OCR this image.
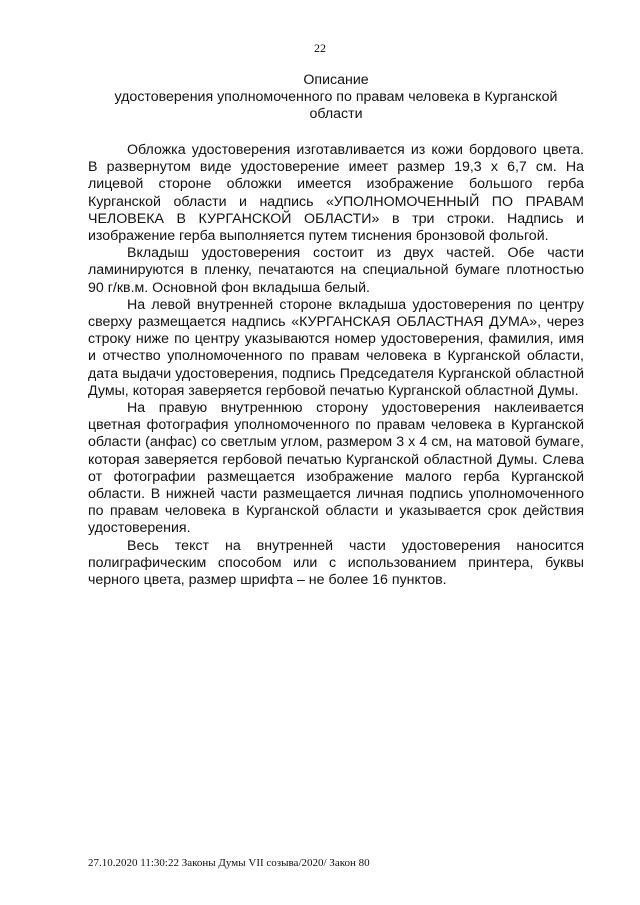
22
Описание
удостоверения уполномоченного по правам человека в Курганской
области

Обложка удостоверения изготавливается из кожи бордового цвета. В развернутом виде удостоверение имеет размер 19,3 х 6,7 см. На лицевой стороне обложки имеется изображение большого герба Курганской области и надпись «УПОЛНОМОЧЕННЫЙ ПО ПРАВАМ ЧЕЛОВЕКА В КУРГАНСКОЙ ОБЛАСТИ» в три строки. Надпись и изображение герба выполняется путем тиснения бронзовой фольгой.

Вкладыш удостоверения состоит из двух частей. Обе части ламинируются в пленку, печатаются на специальной бумаге плотностью 90 г/кв.м. Основной фон вкладыша белый.

На левой внутренней стороне вкладыша удостоверения по центру сверху размещается надпись «КУРГАНСКАЯ ОБЛАСТНАЯ ДУМА», через строку ниже по центру указываются номер удостоверения, фамилия, имя и отчество уполномоченного по правам человека в Курганской области, дата выдачи удостоверения, подпись Председателя Курганской областной Думы, которая заверяется гербовой печатью Курганской областной Думы.

На правую внутреннюю сторону удостоверения наклеивается цветная фотография уполномоченного по правам человека в Курганской области (анфас) со светлым углом, размером 3 х 4 см, на матовой бумаге, которая заверяется гербовой печатью Курганской областной Думы. Слева от фотографии размещается изображение малого герба Курганской области. В нижней части размещается личная подпись уполномоченного по правам человека в Курганской области и указывается срок действия удостоверения.

Весь текст на внутренней части удостоверения наносится полиграфическим способом или с использованием принтера, буквы черного цвета, размер шрифта – не более 16 пунктов.

27.10.2020 11:30:22 Законы Думы VII созыва/2020/ Закон 80
